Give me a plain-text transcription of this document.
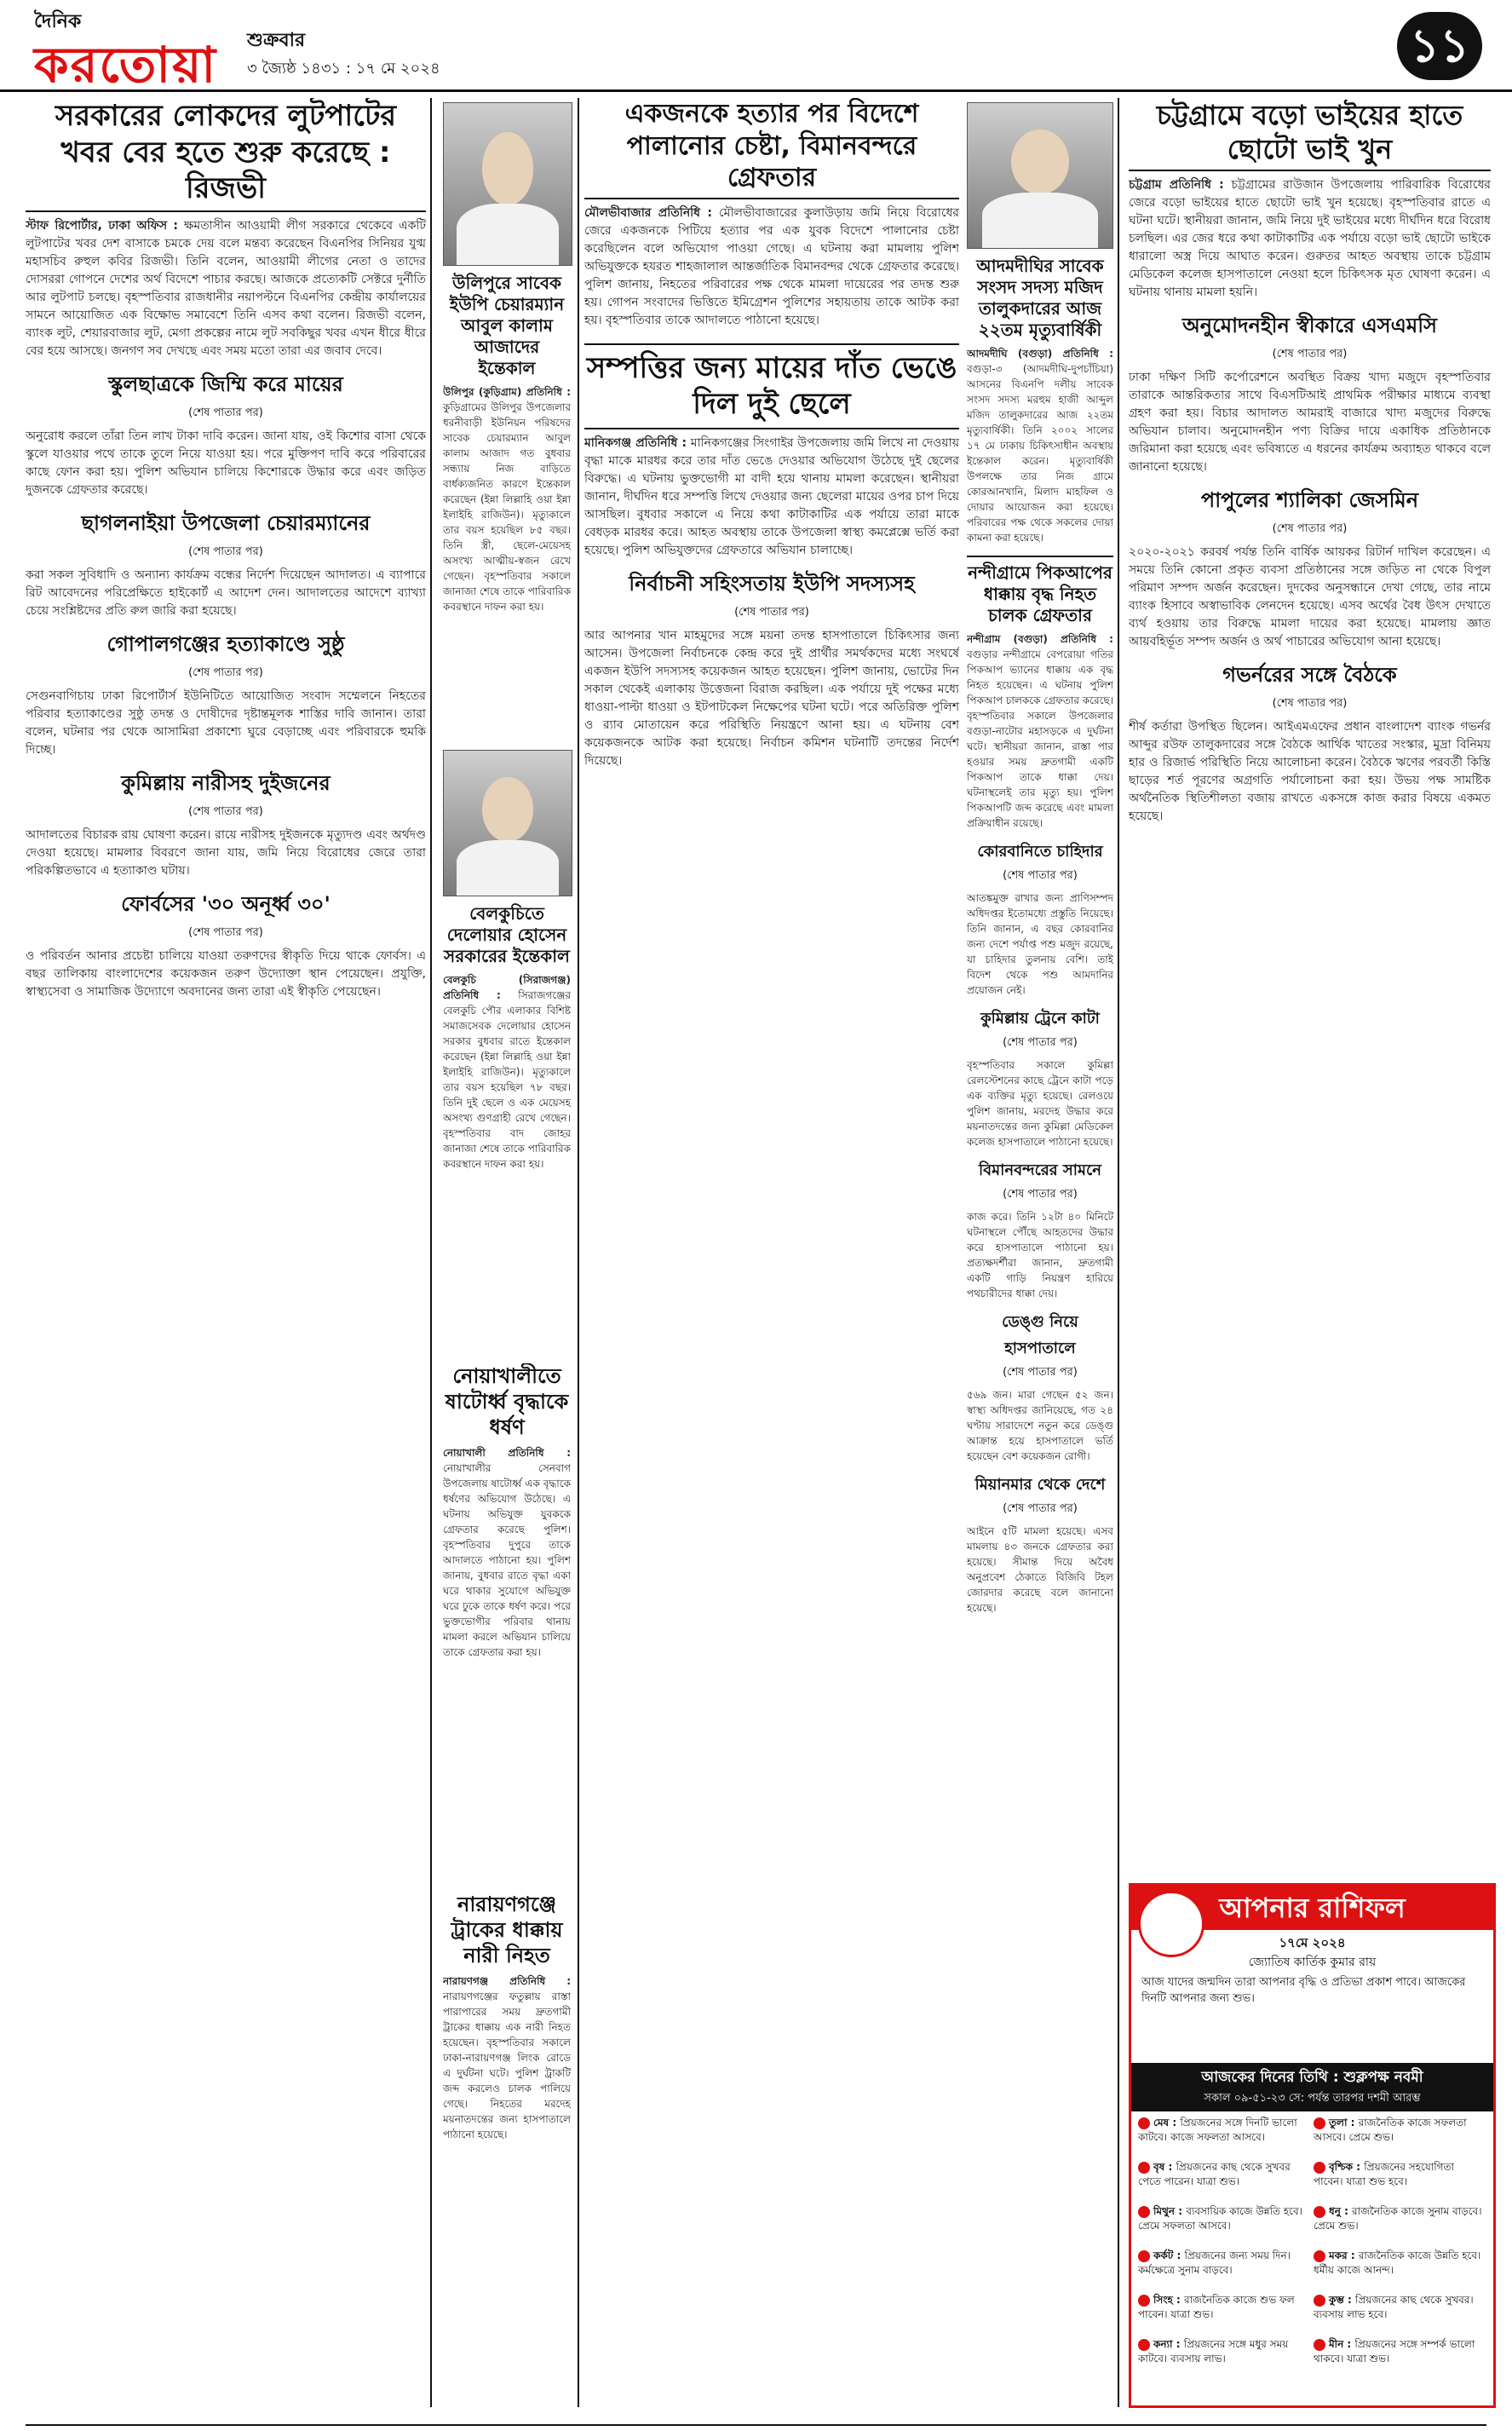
দৈনিক
করতোয়া শুক্রবার
৩ জ্যৈষ্ঠ ১৪৩১ : ১৭ মে ২০২৪	১১
সরকারের লোকদের লুটপাটের খবর বের হতে শুরু করেছে : রিজভী
স্টাফ রিপোর্টার, ঢাকা অফিস : ক্ষমতাসীন আওয়ামী লীগ সরকারে থেকেবে একটি লুটপাটের খবর দেশ বাসাকে চমকে দেয় বলে মন্তব্য করেছেন বিএনপির সিনিয়র যুগ্ম মহাসচিব রুহুল কবির রিজভী। তিনি বলেন, আওয়ামী লীগের নেতা ও তাদের দোসররা গোপনে দেশের অর্থ বিদেশে পাচার করছে। আজকে প্রত্যেকটি সেক্টরে দুর্নীতি আর লুটপাট চলছে। বৃহস্পতিবার রাজধানীর নয়াপল্টনে বিএনপির কেন্দ্রীয় কার্যালয়ের সামনে আয়োজিত এক বিক্ষোভ সমাবেশে তিনি এসব কথা বলেন। রিজভী বলেন, ব্যাংক লুট, শেয়ারবাজার লুট, মেগা প্রকল্পের নামে লুট সবকিছুর খবর এখন ধীরে ধীরে বের হয়ে আসছে। জনগণ সব দেখছে এবং সময় মতো তারা এর জবাব দেবে।
স্কুলছাত্রকে জিম্মি করে মায়ের
(শেষ পাতার পর)
অনুরোধ করলে তাঁরা তিন লাখ টাকা দাবি করেন। জানা যায়, ওই কিশোর বাসা থেকে স্কুলে যাওয়ার পথে তাকে তুলে নিয়ে যাওয়া হয়। পরে মুক্তিপণ দাবি করে পরিবারের কাছে ফোন করা হয়। পুলিশ অভিযান চালিয়ে কিশোরকে উদ্ধার করে এবং জড়িত দুজনকে গ্রেফতার করেছে।
ছাগলনাইয়া উপজেলা চেয়ারম্যানের
(শেষ পাতার পর)
করা সকল সুবিধাদি ও অন্যান্য কার্যক্রম বন্ধের নির্দেশ দিয়েছেন আদালত। এ ব্যাপারে রিট আবেদনের পরিপ্রেক্ষিতে হাইকোর্ট এ আদেশ দেন। আদালতের আদেশে ব্যাখ্যা চেয়ে সংশ্লিষ্টদের প্রতি রুল জারি করা হয়েছে।
গোপালগঞ্জের হত্যাকাণ্ডে সুষ্ঠু
(শেষ পাতার পর)
সেগুনবাগিচায় ঢাকা রিপোর্টার্স ইউনিটিতে আয়োজিত সংবাদ সম্মেলনে নিহতের পরিবার হত্যাকাণ্ডের সুষ্ঠু তদন্ত ও দোষীদের দৃষ্টান্তমূলক শাস্তির দাবি জানান। তারা বলেন, ঘটনার পর থেকে আসামিরা প্রকাশ্যে ঘুরে বেড়াচ্ছে এবং পরিবারকে হুমকি দিচ্ছে।
কুমিল্লায় নারীসহ দুইজনের
(শেষ পাতার পর)
আদালতের বিচারক রায় ঘোষণা করেন। রায়ে নারীসহ দুইজনকে মৃত্যুদণ্ড এবং অর্থদণ্ড দেওয়া হয়েছে। মামলার বিবরণে জানা যায়, জমি নিয়ে বিরোধের জেরে তারা পরিকল্পিতভাবে এ হত্যাকাণ্ড ঘটায়।
ফোর্বসের '৩০ অনূর্ধ্ব ৩০'
(শেষ পাতার পর)
ও পরিবর্তন আনার প্রচেষ্টা চালিয়ে যাওয়া তরুণদের স্বীকৃতি দিয়ে থাকে ফোর্বস। এ বছর তালিকায় বাংলাদেশের কয়েকজন তরুণ উদ্যোক্তা স্থান পেয়েছেন। প্রযুক্তি, স্বাস্থ্যসেবা ও সামাজিক উদ্যোগে অবদানের জন্য তারা এই স্বীকৃতি পেয়েছেন।
উলিপুরে সাবেক ইউপি চেয়ারম্যান আবুল কালাম আজাদের ইন্তেকাল
উলিপুর (কুড়িগ্রাম) প্রতিনিধি : কুড়িগ্রামের উলিপুর উপজেলার ধরনীবাড়ী ইউনিয়ন পরিষদের সাবেক চেয়ারম্যান আবুল কালাম আজাদ গত বুধবার সন্ধ্যায় নিজ বাড়িতে বার্ধক্যজনিত কারণে ইন্তেকাল করেছেন (ইন্না লিল্লাহি ওয়া ইন্না ইলাইহি রাজিউন)। মৃত্যুকালে তার বয়স হয়েছিল ৮৫ বছর। তিনি স্ত্রী, ছেলে-মেয়েসহ অসংখ্য আত্মীয়-স্বজন রেখে গেছেন। বৃহস্পতিবার সকালে জানাজা শেষে তাকে পারিবারিক কবরস্থানে দাফন করা হয়।
বেলকুচিতে দেলোয়ার হোসেন সরকারের ইন্তেকাল
বেলকুচি (সিরাজগঞ্জ) প্রতিনিধি : সিরাজগঞ্জের বেলকুচি পৌর এলাকার বিশিষ্ট সমাজসেবক দেলোয়ার হোসেন সরকার বুধবার রাতে ইন্তেকাল করেছেন (ইন্না লিল্লাহি ওয়া ইন্না ইলাইহি রাজিউন)। মৃত্যুকালে তার বয়স হয়েছিল ৭৮ বছর। তিনি দুই ছেলে ও এক মেয়েসহ অসংখ্য গুণগ্রাহী রেখে গেছেন। বৃহস্পতিবার বাদ জোহর জানাজা শেষে তাকে পারিবারিক কবরস্থানে দাফন করা হয়।
নোয়াখালীতে ষাটোর্ধ্ব বৃদ্ধাকে ধর্ষণ
নোয়াখালী প্রতিনিধি : নোয়াখালীর সেনবাগ উপজেলায় ষাটোর্ধ্ব এক বৃদ্ধাকে ধর্ষণের অভিযোগ উঠেছে। এ ঘটনায় অভিযুক্ত যুবককে গ্রেফতার করেছে পুলিশ। বৃহস্পতিবার দুপুরে তাকে আদালতে পাঠানো হয়। পুলিশ জানায়, বুধবার রাতে বৃদ্ধা একা ঘরে থাকার সুযোগে অভিযুক্ত ঘরে ঢুকে তাকে ধর্ষণ করে। পরে ভুক্তভোগীর পরিবার থানায় মামলা করলে অভিযান চালিয়ে তাকে গ্রেফতার করা হয়।
নারায়ণগঞ্জে ট্রাকের ধাক্কায় নারী নিহত
নারায়ণগঞ্জ প্রতিনিধি : নারায়ণগঞ্জের ফতুল্লায় রাস্তা পারাপারের সময় দ্রুতগামী ট্রাকের ধাক্কায় এক নারী নিহত হয়েছেন। বৃহস্পতিবার সকালে ঢাকা-নারায়ণগঞ্জ লিংক রোডে এ দুর্ঘটনা ঘটে। পুলিশ ট্রাকটি জব্দ করলেও চালক পালিয়ে গেছে। নিহতের মরদেহ ময়নাতদন্তের জন্য হাসপাতালে পাঠানো হয়েছে।
একজনকে হত্যার পর বিদেশে পালানোর চেষ্টা, বিমানবন্দরে গ্রেফতার
মৌলভীবাজার প্রতিনিধি : মৌলভীবাজারের কুলাউড়ায় জমি নিয়ে বিরোধের জেরে একজনকে পিটিয়ে হত্যার পর এক যুবক বিদেশে পালানোর চেষ্টা করেছিলেন বলে অভিযোগ পাওয়া গেছে। এ ঘটনায় করা মামলায় পুলিশ অভিযুক্তকে হযরত শাহজালাল আন্তর্জাতিক বিমানবন্দর থেকে গ্রেফতার করেছে। পুলিশ জানায়, নিহতের পরিবারের পক্ষ থেকে মামলা দায়েরের পর তদন্ত শুরু হয়। গোপন সংবাদের ভিত্তিতে ইমিগ্রেশন পুলিশের সহায়তায় তাকে আটক করা হয়। বৃহস্পতিবার তাকে আদালতে পাঠানো হয়েছে।
সম্পত্তির জন্য মায়ের দাঁত ভেঙে দিল দুই ছেলে
মানিকগঞ্জ প্রতিনিধি : মানিকগঞ্জের সিংগাইর উপজেলায় জমি লিখে না দেওয়ায় বৃদ্ধা মাকে মারধর করে তার দাঁত ভেঙে দেওয়ার অভিযোগ উঠেছে দুই ছেলের বিরুদ্ধে। এ ঘটনায় ভুক্তভোগী মা বাদী হয়ে থানায় মামলা করেছেন। স্থানীয়রা জানান, দীর্ঘদিন ধরে সম্পত্তি লিখে দেওয়ার জন্য ছেলেরা মায়ের ওপর চাপ দিয়ে আসছিল। বুধবার সকালে এ নিয়ে কথা কাটাকাটির এক পর্যায়ে তারা মাকে বেধড়ক মারধর করে। আহত অবস্থায় তাকে উপজেলা স্বাস্থ্য কমপ্লেক্সে ভর্তি করা হয়েছে। পুলিশ অভিযুক্তদের গ্রেফতারে অভিযান চালাচ্ছে।
নির্বাচনী সহিংসতায় ইউপি সদস্যসহ
(শেষ পাতার পর)
আর আপনার খান মাহমুদের সঙ্গে ময়না তদন্ত হাসপাতালে চিকিৎসার জন্য আসেন। উপজেলা নির্বাচনকে কেন্দ্র করে দুই প্রার্থীর সমর্থকদের মধ্যে সংঘর্ষে একজন ইউপি সদস্যসহ কয়েকজন আহত হয়েছেন। পুলিশ জানায়, ভোটের দিন সকাল থেকেই এলাকায় উত্তেজনা বিরাজ করছিল। এক পর্যায়ে দুই পক্ষের মধ্যে ধাওয়া-পাল্টা ধাওয়া ও ইটপাটকেল নিক্ষেপের ঘটনা ঘটে। পরে অতিরিক্ত পুলিশ ও র‌্যাব মোতায়েন করে পরিস্থিতি নিয়ন্ত্রণে আনা হয়। এ ঘটনায় বেশ কয়েকজনকে আটক করা হয়েছে। নির্বাচন কমিশন ঘটনাটি তদন্তের নির্দেশ দিয়েছে।
আদমদীঘির সাবেক সংসদ সদস্য মজিদ তালুকদারের আজ ২২তম মৃত্যুবার্ষিকী
আদমদীঘি (বগুড়া) প্রতিনিধি : বগুড়া-৩ (আদমদীঘি-দুপচাঁচিয়া) আসনের বিএনপি দলীয় সাবেক সংসদ সদস্য মরহুম হাজী আব্দুল মজিদ তালুকদারের আজ ২২তম মৃত্যুবার্ষিকী। তিনি ২০০২ সালের ১৭ মে ঢাকায় চিকিৎসাধীন অবস্থায় ইন্তেকাল করেন। মৃত্যুবার্ষিকী উপলক্ষে তার নিজ গ্রামে কোরআনখানি, মিলাদ মাহফিল ও দোয়ার আয়োজন করা হয়েছে। পরিবারের পক্ষ থেকে সকলের দোয়া কামনা করা হয়েছে।
নন্দীগ্রামে পিকআপের ধাক্কায় বৃদ্ধ নিহত চালক গ্রেফতার
নন্দীগ্রাম (বগুড়া) প্রতিনিধি : বগুড়ার নন্দীগ্রামে বেপরোয়া গতির পিকআপ ভ্যানের ধাক্কায় এক বৃদ্ধ নিহত হয়েছেন। এ ঘটনায় পুলিশ পিকআপ চালককে গ্রেফতার করেছে। বৃহস্পতিবার সকালে উপজেলার বগুড়া-নাটোর মহাসড়কে এ দুর্ঘটনা ঘটে। স্থানীয়রা জানান, রাস্তা পার হওয়ার সময় দ্রুতগামী একটি পিকআপ তাকে ধাক্কা দেয়। ঘটনাস্থলেই তার মৃত্যু হয়। পুলিশ পিকআপটি জব্দ করেছে এবং মামলা প্রক্রিয়াধীন রয়েছে।
কোরবানিতে চাহিদার
(শেষ পাতার পর)
আতঙ্কমুক্ত রাখার জন্য প্রাণিসম্পদ অধিদপ্তর ইতোমধ্যে প্রস্তুতি নিয়েছে। তিনি জানান, এ বছর কোরবানির জন্য দেশে পর্যাপ্ত পশু মজুদ রয়েছে, যা চাহিদার তুলনায় বেশি। তাই বিদেশ থেকে পশু আমদানির প্রয়োজন নেই।
কুমিল্লায় ট্রেনে কাটা
(শেষ পাতার পর)
বৃহস্পতিবার সকালে কুমিল্লা রেলস্টেশনের কাছে ট্রেনে কাটা পড়ে এক ব্যক্তির মৃত্যু হয়েছে। রেলওয়ে পুলিশ জানায়, মরদেহ উদ্ধার করে ময়নাতদন্তের জন্য কুমিল্লা মেডিকেল কলেজ হাসপাতালে পাঠানো হয়েছে।
বিমানবন্দরের সামনে
(শেষ পাতার পর)
কাজ করে। তিনি ১২টা ৪০ মিনিটে ঘটনাস্থলে পৌঁছে আহতদের উদ্ধার করে হাসপাতালে পাঠানো হয়। প্রত্যক্ষদর্শীরা জানান, দ্রুতগামী একটি গাড়ি নিয়ন্ত্রণ হারিয়ে পথচারীদের ধাক্কা দেয়।
ডেঙ্গু নিয়ে হাসপাতালে
(শেষ পাতার পর)
৫৬৯ জন। মারা গেছেন ৫২ জন। স্বাস্থ্য অধিদপ্তর জানিয়েছে, গত ২৪ ঘণ্টায় সারাদেশে নতুন করে ডেঙ্গু আক্রান্ত হয়ে হাসপাতালে ভর্তি হয়েছেন বেশ কয়েকজন রোগী।
মিয়ানমার থেকে দেশে
(শেষ পাতার পর)
আইনে ৫টি মামলা হয়েছে। এসব মামলায় ৪৩ জনকে গ্রেফতার করা হয়েছে। সীমান্ত দিয়ে অবৈধ অনুপ্রবেশ ঠেকাতে বিজিবি টহল জোরদার করেছে বলে জানানো হয়েছে।
চট্টগ্রামে বড়ো ভাইয়ের হাতে ছোটো ভাই খুন
চট্টগ্রাম প্রতিনিধি : চট্টগ্রামের রাউজান উপজেলায় পারিবারিক বিরোধের জেরে বড়ো ভাইয়ের হাতে ছোটো ভাই খুন হয়েছে। বৃহস্পতিবার রাতে এ ঘটনা ঘটে। স্থানীয়রা জানান, জমি নিয়ে দুই ভাইয়ের মধ্যে দীর্ঘদিন ধরে বিরোধ চলছিল। এর জের ধরে কথা কাটাকাটির এক পর্যায়ে বড়ো ভাই ছোটো ভাইকে ধারালো অস্ত্র দিয়ে আঘাত করেন। গুরুতর আহত অবস্থায় তাকে চট্টগ্রাম মেডিকেল কলেজ হাসপাতালে নেওয়া হলে চিকিৎসক মৃত ঘোষণা করেন। এ ঘটনায় থানায় মামলা হয়নি।
অনুমোদনহীন স্বীকারে এসএমসি
(শেষ পাতার পর)
ঢাকা দক্ষিণ সিটি কর্পোরেশনে অবস্থিত বিক্রয় খাদ্য মজুদে বৃহস্পতিবার তারাকে আন্তরিকতার সাথে বিএসটিআই প্রাথমিক পরীক্ষার মাধ্যমে ব্যবস্থা গ্রহণ করা হয়। বিচার আদালত আমরাই বাজারে খাদ্য মজুদের বিরুদ্ধে অভিযান চালাব। অনুমোদনহীন পণ্য বিক্রির দায়ে একাধিক প্রতিষ্ঠানকে জরিমানা করা হয়েছে এবং ভবিষ্যতে এ ধরনের কার্যক্রম অব্যাহত থাকবে বলে জানানো হয়েছে।
পাপুলের শ্যালিকা জেসমিন
(শেষ পাতার পর)
২০২০-২০২১ করবর্ষ পর্যন্ত তিনি বার্ষিক আয়কর রিটার্ন দাখিল করেছেন। এ সময়ে তিনি কোনো প্রকৃত ব্যবসা প্রতিষ্ঠানের সঙ্গে জড়িত না থেকে বিপুল পরিমাণ সম্পদ অর্জন করেছেন। দুদকের অনুসন্ধানে দেখা গেছে, তার নামে ব্যাংক হিসাবে অস্বাভাবিক লেনদেন হয়েছে। এসব অর্থের বৈধ উৎস দেখাতে ব্যর্থ হওয়ায় তার বিরুদ্ধে মামলা দায়ের করা হয়েছে। মামলায় জ্ঞাত আয়বহির্ভূত সম্পদ অর্জন ও অর্থ পাচারের অভিযোগ আনা হয়েছে।
গভর্নরের সঙ্গে বৈঠকে
(শেষ পাতার পর)
শীর্ষ কর্তারা উপস্থিত ছিলেন। আইএমএফের প্রধান বাংলাদেশ ব্যাংক গভর্নর আব্দুর রউফ তালুকদারের সঙ্গে বৈঠকে আর্থিক খাতের সংস্কার, মুদ্রা বিনিময় হার ও রিজার্ভ পরিস্থিতি নিয়ে আলোচনা করেন। বৈঠকে ঋণের পরবর্তী কিস্তি ছাড়ের শর্ত পূরণের অগ্রগতি পর্যালোচনা করা হয়। উভয় পক্ষ সামষ্টিক অর্থনৈতিক স্থিতিশীলতা বজায় রাখতে একসঙ্গে কাজ করার বিষয়ে একমত হয়েছে।
আপনার রাশিফল
১৭মে ২০২৪
জ্যোতিষ কার্তিক কুমার রায়
আজ যাদের জন্মদিন তারা আপনার বৃদ্ধি ও প্রতিভা প্রকাশ পাবে। আজকের দিনটি আপনার জন্য শুভ।
আজকের দিনের তিথি : শুক্লপক্ষ নবমী
সকাল ০৯-৫১-২৩ সে: পর্যন্ত তারপর দশমী আরম্ভ
মেষ : প্রিয়জনের সঙ্গে দিনটি ভালো কাটবে। কাজে সফলতা আসবে।
বৃষ : প্রিয়জনের কাছ থেকে সুখবর পেতে পারেন। যাত্রা শুভ।
মিথুন : ব্যবসায়িক কাজে উন্নতি হবে। প্রেমে সফলতা আসবে।
কর্কট : প্রিয়জনের জন্য সময় দিন। কর্মক্ষেত্রে সুনাম বাড়বে।
সিংহ : রাজনৈতিক কাজে শুভ ফল পাবেন। যাত্রা শুভ।
কন্যা : প্রিয়জনের সঙ্গে মধুর সময় কাটবে। ব্যবসায় লাভ।
তুলা : রাজনৈতিক কাজে সফলতা আসবে। প্রেমে শুভ।
বৃশ্চিক : প্রিয়জনের সহযোগিতা পাবেন। যাত্রা শুভ হবে।
ধনু : রাজনৈতিক কাজে সুনাম বাড়বে। প্রেমে শুভ।
মকর : রাজনৈতিক কাজে উন্নতি হবে। ধর্মীয় কাজে আনন্দ।
কুম্ভ : প্রিয়জনের কাছ থেকে সুখবর। ব্যবসায় লাভ হবে।
মীন : প্রিয়জনের সঙ্গে সম্পর্ক ভালো থাকবে। যাত্রা শুভ।
